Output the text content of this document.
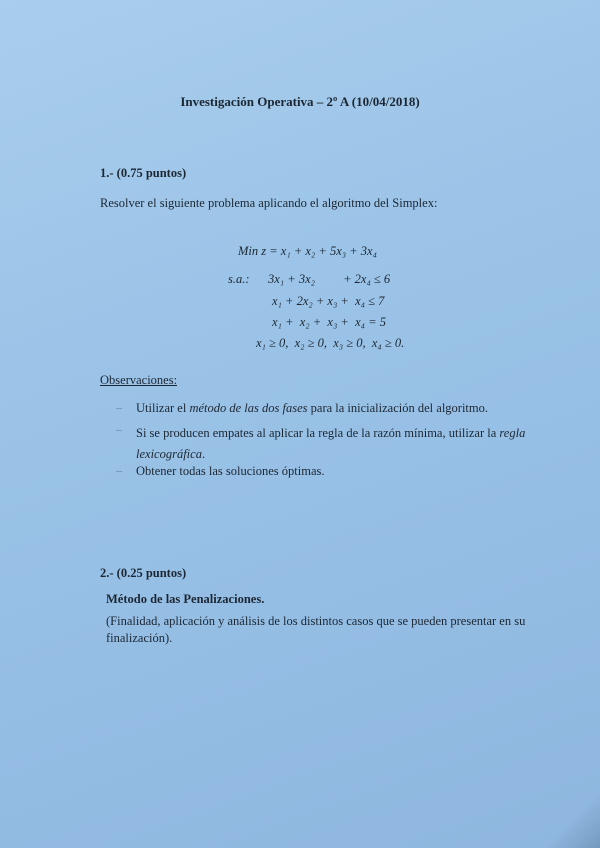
Investigación Operativa – 2º A (10/04/2018)
1.- (0.75 puntos)
Resolver el siguiente problema aplicando el algoritmo del Simplex:
Min z = x₁ + x₂ + 5x₃ + 3x₄
s.a.: 3x₁ + 3x₂         + 2x₄ ≤ 6
x₁ + 2x₂ + x₃ +  x₄ ≤ 7
x₁ +  x₂ +  x₃ +  x₄ = 5
x₁ ≥ 0,  x₂ ≥ 0,  x₃ ≥ 0,  x₄ ≥ 0.
Observaciones:
– Utilizar el método de las dos fases para la inicialización del algoritmo.
– Si se producen empates al aplicar la regla de la razón mínima, utilizar la regla lexicográfica.
– Obtener todas las soluciones óptimas.
2.- (0.25 puntos)
Método de las Penalizaciones.
(Finalidad, aplicación y análisis de los distintos casos que se pueden presentar en su finalización).
